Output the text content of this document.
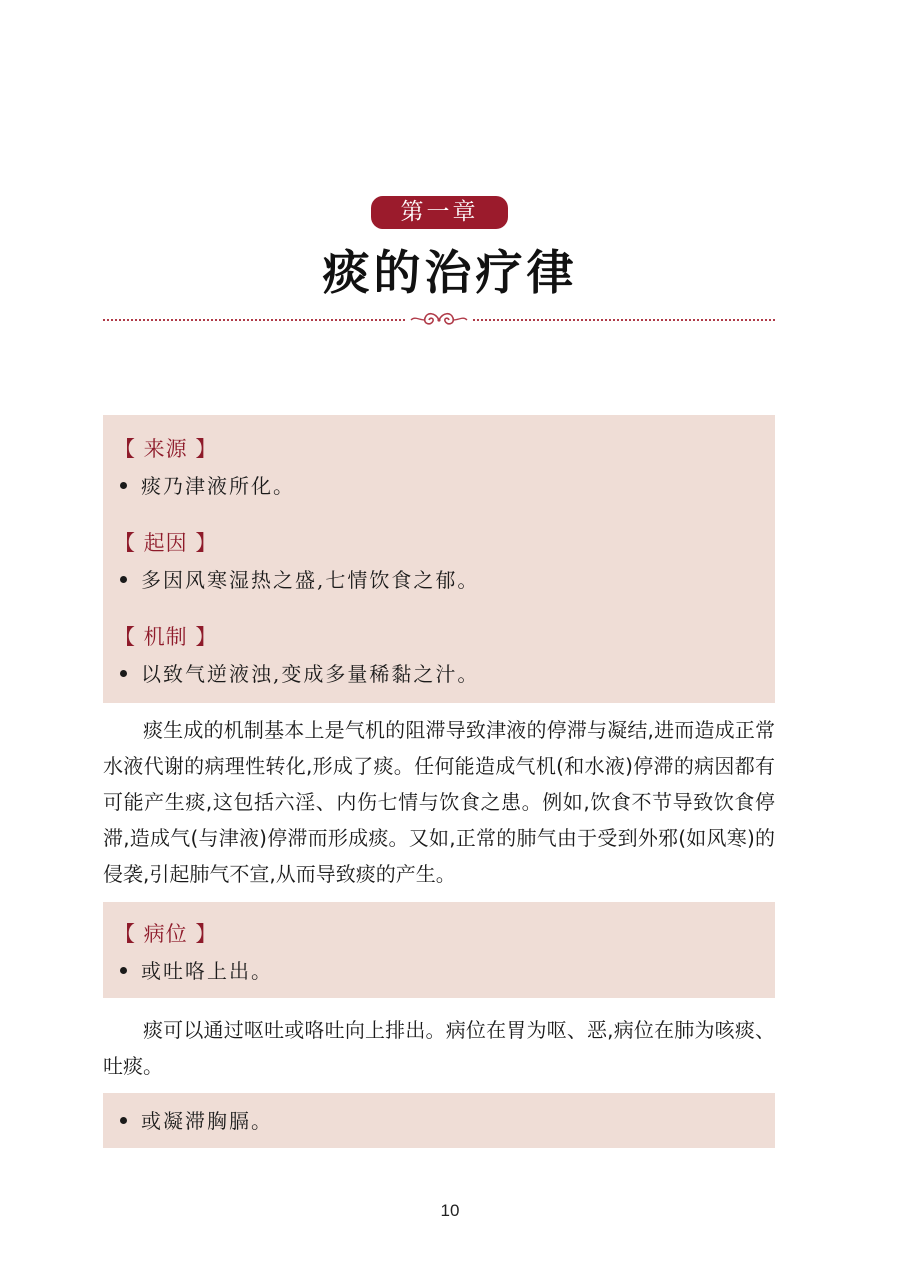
第一章
痰的治疗律
【 来源 】
痰乃津液所化。
【 起因 】
多因风寒湿热之盛,七情饮食之郁。
【 机制 】
以致气逆液浊,变成多量稀黏之汁。

痰生成的机制基本上是气机的阻滞导致津液的停滞与凝结,进而造成正常水液代谢的病理性转化,形成了痰。任何能造成气机(和水液)停滞的病因都有可能产生痰,这包括六淫、内伤七情与饮食之患。例如,饮食不节导致饮食停滞,造成气(与津液)停滞而形成痰。又如,正常的肺气由于受到外邪(如风寒)的侵袭,引起肺气不宣,从而导致痰的产生。

【 病位 】
或吐咯上出。

痰可以通过呕吐或咯吐向上排出。病位在胃为呕、恶,病位在肺为咳痰、吐痰。

或凝滞胸膈。
10
